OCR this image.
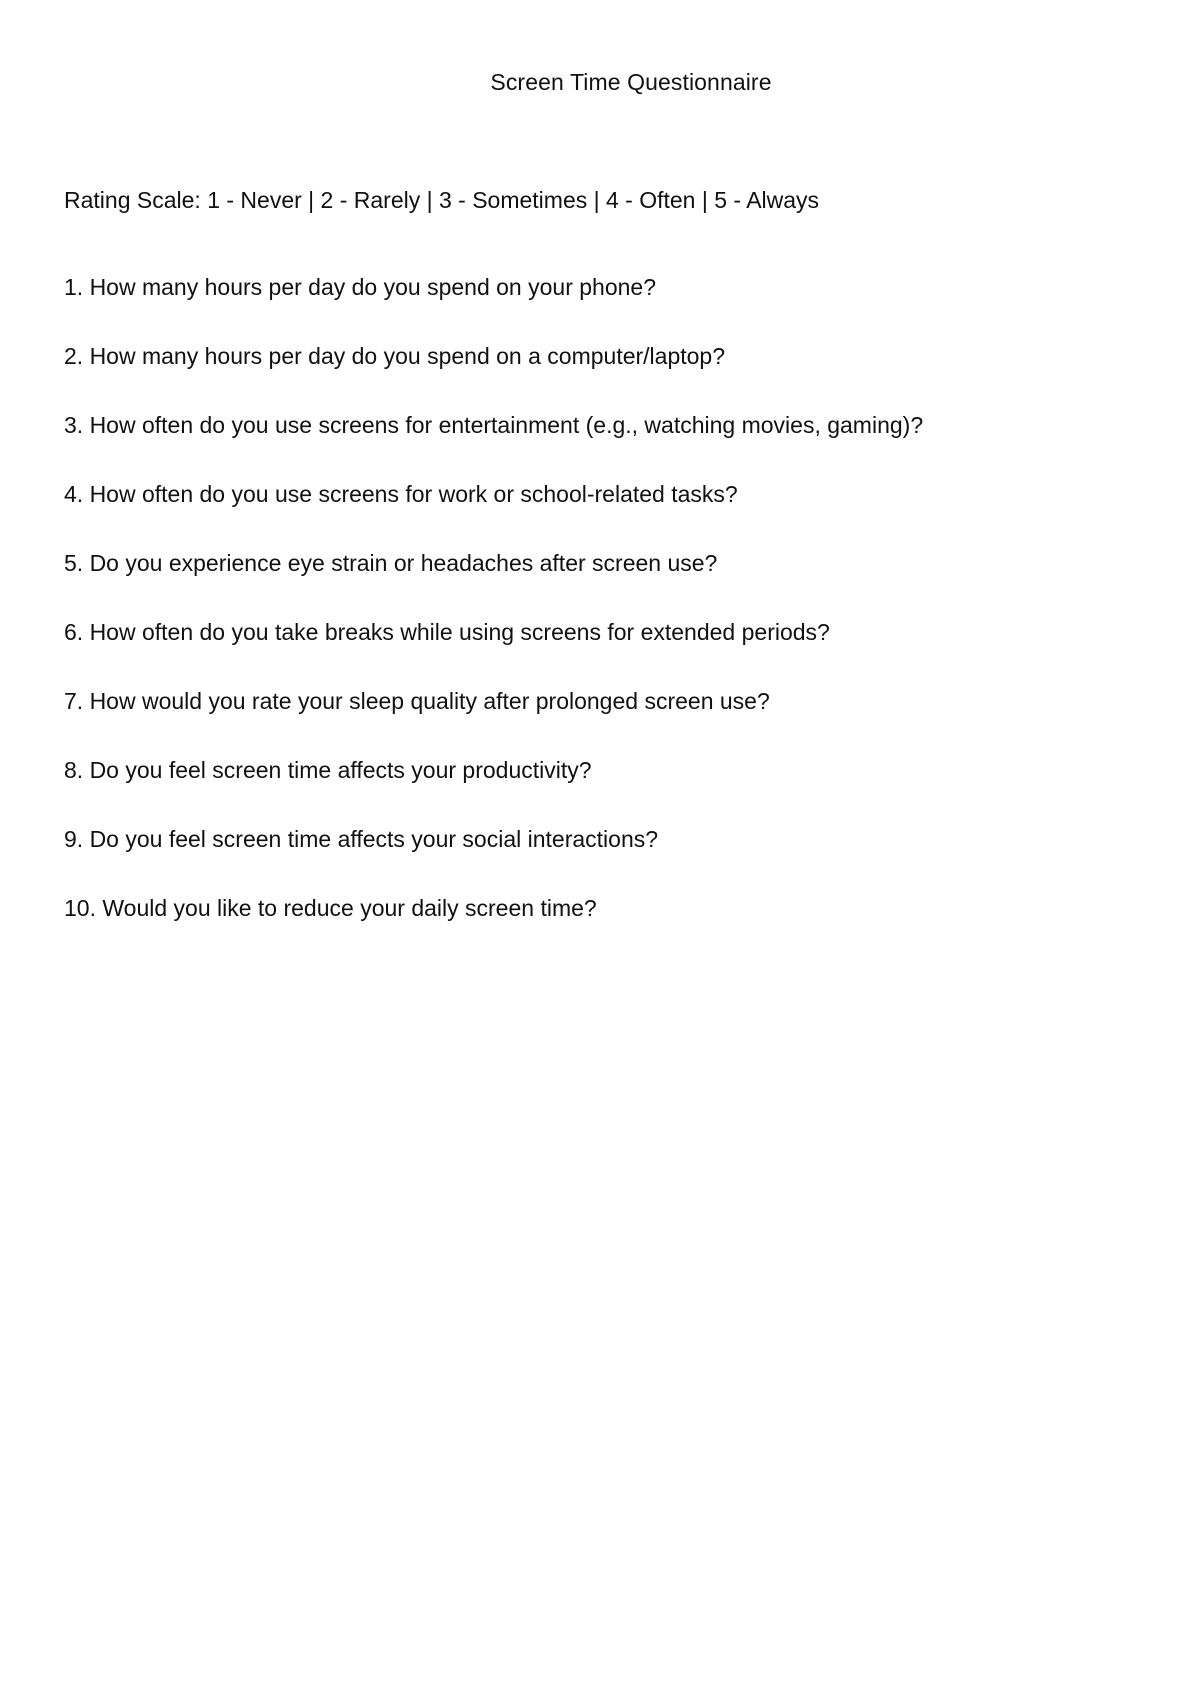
Screen Time Questionnaire
Rating Scale: 1 - Never | 2 - Rarely | 3 - Sometimes | 4 - Often | 5 - Always
1. How many hours per day do you spend on your phone?
2. How many hours per day do you spend on a computer/laptop?
3. How often do you use screens for entertainment (e.g., watching movies, gaming)?
4. How often do you use screens for work or school-related tasks?
5. Do you experience eye strain or headaches after screen use?
6. How often do you take breaks while using screens for extended periods?
7. How would you rate your sleep quality after prolonged screen use?
8. Do you feel screen time affects your productivity?
9. Do you feel screen time affects your social interactions?
10. Would you like to reduce your daily screen time?
